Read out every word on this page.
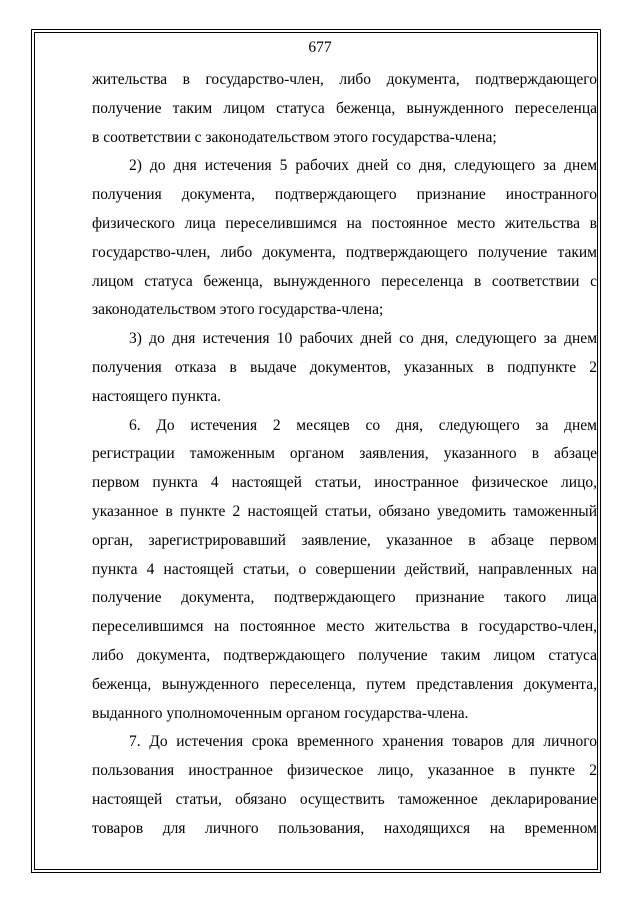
677
жительства в государство-член, либо документа, подтверждающего
получение таким лицом статуса беженца, вынужденного переселенца
в соответствии с законодательством этого государства-члена;
2) до дня истечения 5 рабочих дней со дня, следующего за днем
получения документа, подтверждающего признание иностранного
физического лица переселившимся на постоянное место жительства в
государство-член, либо документа, подтверждающего получение таким
лицом статуса беженца, вынужденного переселенца в соответствии с
законодательством этого государства-члена;
3) до дня истечения 10 рабочих дней со дня, следующего за днем
получения отказа в выдаче документов, указанных в подпункте 2
настоящего пункта.
6. До истечения 2 месяцев со дня, следующего за днем
регистрации таможенным органом заявления, указанного в абзаце
первом пункта 4 настоящей статьи, иностранное физическое лицо,
указанное в пункте 2 настоящей статьи, обязано уведомить таможенный
орган, зарегистрировавший заявление, указанное в абзаце первом
пункта 4 настоящей статьи, о совершении действий, направленных на
получение документа, подтверждающего признание такого лица
переселившимся на постоянное место жительства в государство-член,
либо документа, подтверждающего получение таким лицом статуса
беженца, вынужденного переселенца, путем представления документа,
выданного уполномоченным органом государства-члена.
7. До истечения срока временного хранения товаров для личного
пользования иностранное физическое лицо, указанное в пункте 2
настоящей статьи, обязано осуществить таможенное декларирование
товаров для личного пользования, находящихся на временном
